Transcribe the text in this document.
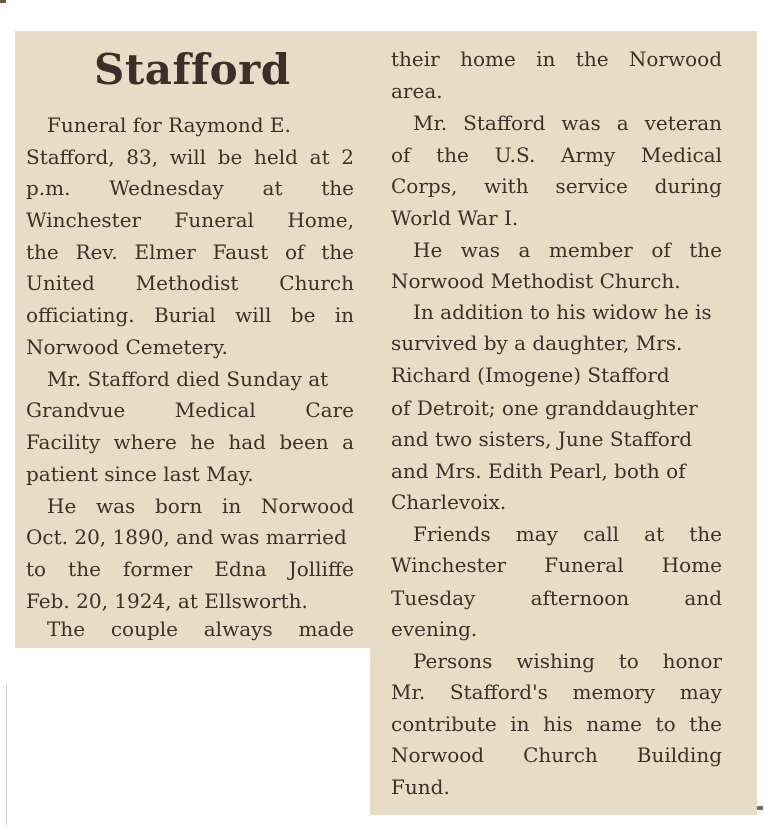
Stafford
Funeral for Raymond E.
Stafford, 83, will be held at 2
p.m. Wednesday at the
Winchester Funeral Home,
the Rev. Elmer Faust of the
United Methodist Church
officiating. Burial will be in
Norwood Cemetery.
Mr. Stafford died Sunday at
Grandvue Medical Care
Facility where he had been a
patient since last May.
He was born in Norwood
Oct. 20, 1890, and was married
to the former Edna Jolliffe
Feb. 20, 1924, at Ellsworth.
The couple always made
their home in the Norwood
area.
Mr. Stafford was a veteran
of the U.S. Army Medical
Corps, with service during
World War I.
He was a member of the
Norwood Methodist Church.
In addition to his widow he is
survived by a daughter, Mrs.
Richard (Imogene) Stafford
of Detroit; one granddaughter
and two sisters, June Stafford
and Mrs. Edith Pearl, both of
Charlevoix.
Friends may call at the
Winchester Funeral Home
Tuesday afternoon and
evening.
Persons wishing to honor
Mr. Stafford's memory may
contribute in his name to the
Norwood Church Building
Fund.
